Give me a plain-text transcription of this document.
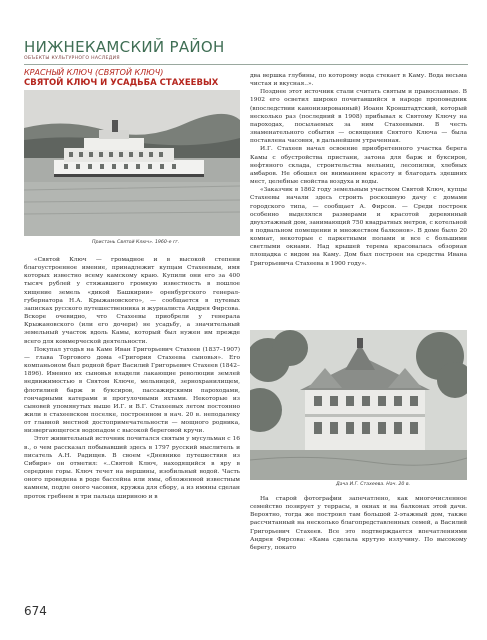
НИЖНЕКАМСКИЙ РАЙОН
ОБЪЕКТЫ КУЛЬТУРНОГО НАСЛЕДИЯ
КРАСНЫЙ КЛЮЧ (СВЯТОЙ КЛЮЧ)
СВЯТОЙ КЛЮЧ И УСАДЬБА СТАХЕЕВЫХ
Пристань Святой Ключ». 1960-е гг.

«Святой Ключ — громадное и в высокой степени благоустроенное имение, принадлежит купцам Стахеевым, имя которых известно всему камскому краю. Купили они его за 400 тысяч рублей у стяжавшего громкую известность в пошлое хищение земель «дикой Башкирии» оренбургского генерал-губернатора Н.А. Крыжановского», — сообщается в путевых записках русского путешественника и журналиста Андрея Фирсова. Вскоре очевидно, что Стахеевы приобрели у генерала Крыжановского (или его дочери) не усадьбу, а значительный земельный участок вдоль Камы, который был нужен им прежде всего для коммерческой деятельности.

Покупал угодья на Каме Иван Григорьевич Стахеев (1837–1907) — глава Торгового дома «Григория Стахеева сыновья». Его компаньоном был родной брат Василий Григорьевич Стахеев (1842–1896). Именно их сыновья владели лакающие революции землей недвижимостью в Святом Ключе, мельницей, зернохранилищем, флотилией барж и буксиров, пассажирскими пароходами, гончарными катерами и прогулочными яхтами. Некоторые из сыновей упомянутых выше И.Г. и В.Г. Стахеевых летом постоянно жили в стахеевском поселке, построенном в нач. 20 в. неподалеку от главной местной достопримечательности — мощного родника, низвергающегося водопадом с высокой береговой кручи.

Этот живительный источник почитался святым у мусульман с 16 в., о чем рассказал побывавший здесь в 1797 русский мыслитель и писатель А.Н. Радищев. В своем «Дневнике путешествия из Сибири» он отметил: «..Святой Ключ, находящийся в яру в середине горы. Ключ течет на вершины, изобильный водой. Часть оного проведена в роде бассейна или ямы, обложенной известным камнем, подле оного часовня, кружка для сбору, а из имяны сделан проток гребнем в три пальца шириною и в

два вершка глубины, по которому вода стекает в Каму. Вода весьма чистая и вкусная..».

Позднее этот источник стали считать святым и православные. В 1902 его осветил широко почитавшийся в народе проповедник (впоследствии канонизированный) Иоанн Кронштадтский, который несколько раз (последний в 1908) прибывал к Святому Ключу на пароходах, посылаемых за ним Стахеевыми. В честь знаменательного события — освящения Святого Ключа — была поставлена часовня, в дальнейшем утраченная.

И.Г. Стахеев начал освоение приобретенного участка берега Камы с обустройства пристани, затона для барж и буксиров, нефтяного склада, строительства мельниц, лесопилки, хлебных амбаров. Не обошел он вниманием красоту и благодать здешних мест, целебные свойства воздуха и воды.

«Заказчик в 1862 году земельным участком Святой Ключ, купцы Стахеевы начали здесь строить роскошную дачу с домами городского типа, — сообщает А. Фирсов. — Среди построек особенно выделялся размерами и красотой деревянный двухэтажный дом, занимающий 750 квадратных метров, с котельной в подвальном помещении и множеством балконов». В доме было 20 комнат, некоторые с паркетными полами и все с большими светлыми окнами. Над крышей терема красовалась обзорная площадка с видом на Каму. Дом был построен на средства Ивана Григорьевича Стахеева в 1900 году».

Дача И.Г. Стахеева. Нач. 20 в.

На старой фотографии запечатлено, как многочисленное семейство позирует у террасы, в окнах и на балконах этой дачи. Вероятно, тогда же построил там большой 2-этажный дом, также рассчитанный на несколько благопредставленных семей, а Василий Григорьевич Стахеев. Все это подтверждается впечатлениями Андрея Фирсова: «Кама сделала крутую излучину. По высокому берегу, покато

674
